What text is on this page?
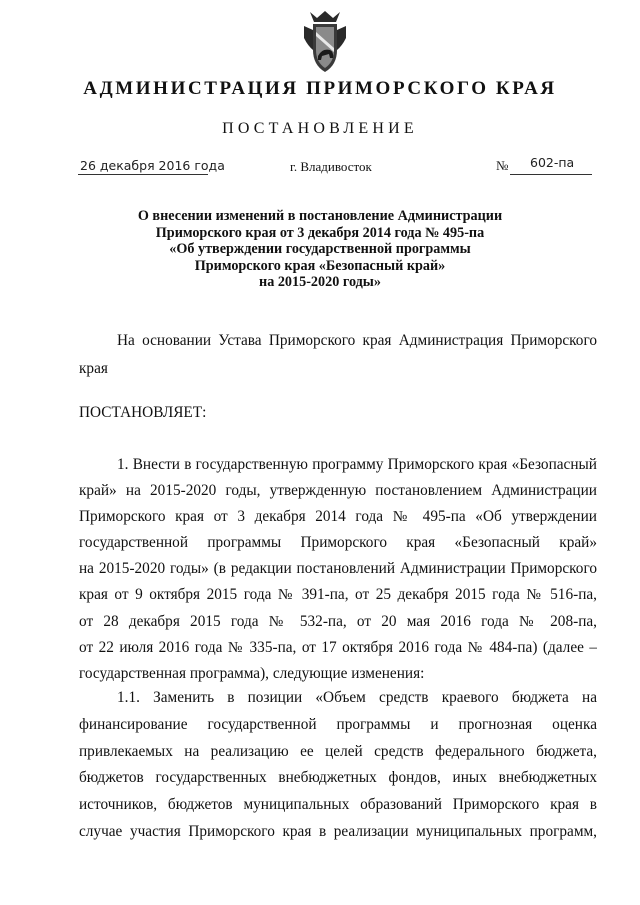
АДМИНИСТРАЦИЯ ПРИМОРСКОГО КРАЯ
ПОСТАНОВЛЕНИЕ
26 декабря 2016 года	г. Владивосток	№ 602-па
О внесении изменений в постановление Администрации
Приморского края от 3 декабря 2014 года № 495-па
«Об утверждении государственной программы
Приморского края «Безопасный край»
на 2015-2020 годы»
На основании Устава Приморского края Администрация Приморского
края
ПОСТАНОВЛЯЕТ:
1. Внести в государственную программу Приморского края «Безопасный
край» на 2015-2020 годы, утвержденную постановлением Администрации
Приморского края от 3 декабря 2014 года № 495-па «Об утверждении
государственной программы Приморского края «Безопасный край»
на 2015-2020 годы» (в редакции постановлений Администрации Приморского
края от 9 октября 2015 года № 391-па, от 25 декабря 2015 года № 516-па,
от 28 декабря 2015 года № 532-па, от 20 мая 2016 года № 208-па,
от 22 июля 2016 года № 335-па, от 17 октября 2016 года № 484-па) (далее –
государственная программа), следующие изменения:
1.1. Заменить в позиции «Объем средств краевого бюджета на
финансирование государственной программы и прогнозная оценка
привлекаемых на реализацию ее целей средств федерального бюджета,
бюджетов государственных внебюджетных фондов, иных внебюджетных
источников, бюджетов муниципальных образований Приморского края в
случае участия Приморского края в реализации муниципальных программ,
